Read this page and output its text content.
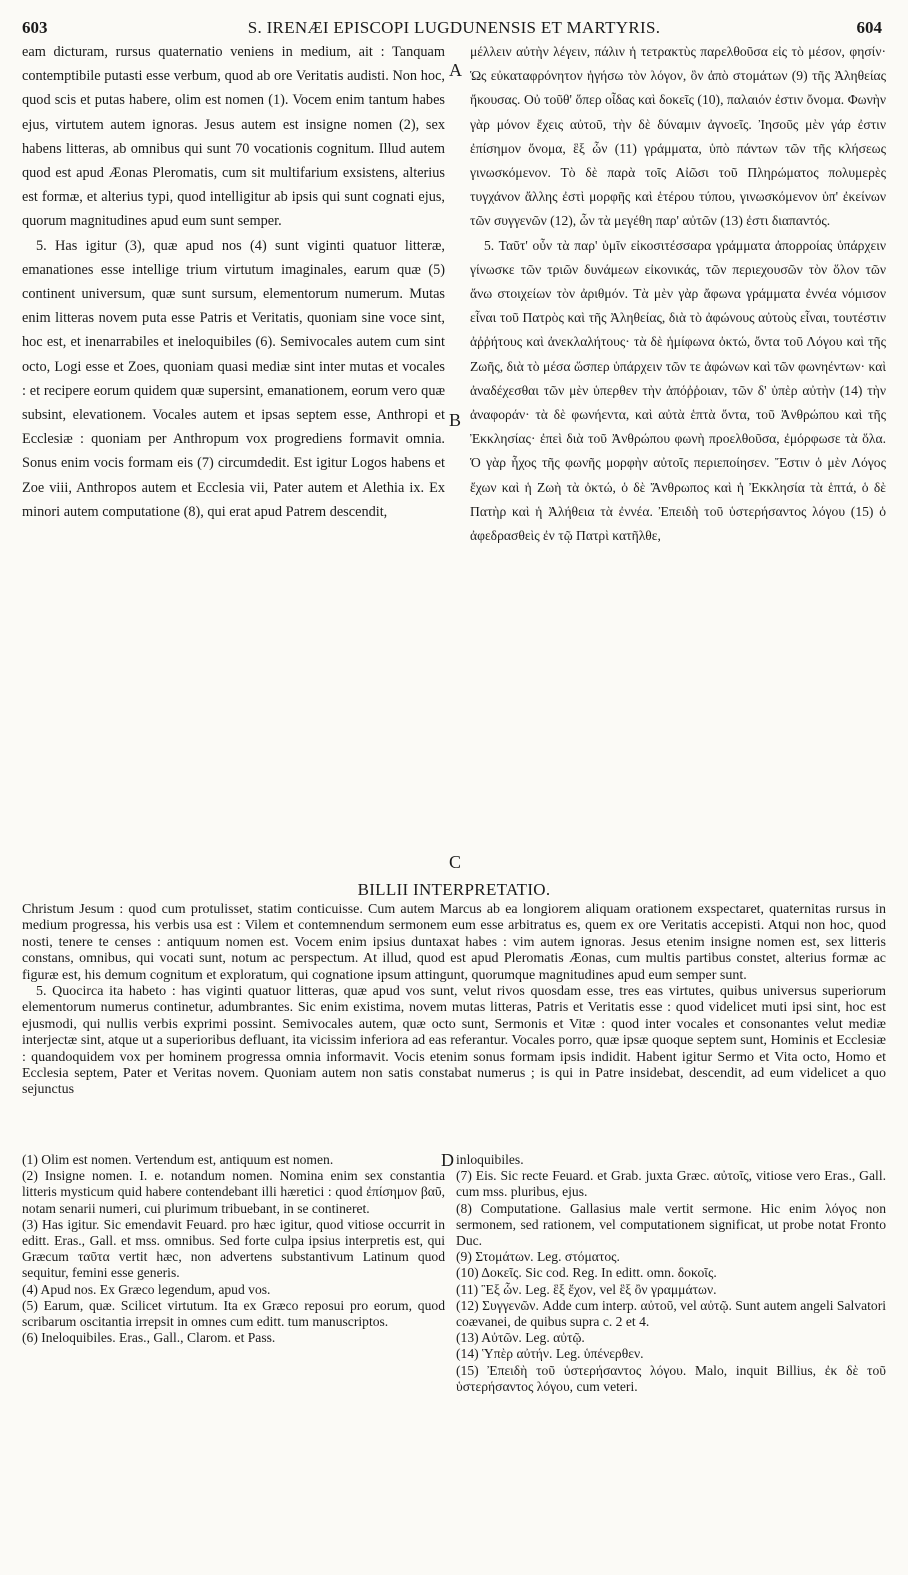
603	S. IRENÆI EPISCOPI LUGDUNENSIS ET MARTYRIS.	604

eam dicturam, rursus quaternatio veniens in medium, ait : Tanquam contemptibile putasti esse verbum, quod ab ore Veritatis audisti. Non hoc, quod scis et putas habere, olim est nomen (1). Vocem enim tantum habes ejus, virtutem autem ignoras. Jesus autem est insigne nomen (2), sex habens litteras, ab omnibus qui sunt 70 vocationis cognitum. Illud autem quod est apud Æonas Pleromatis, cum sit multifarium exsistens, alterius est formæ, et alterius typi, quod intelligitur ab ipsis qui sunt cognati ejus, quorum magnitudines apud eum sunt semper.

5. Has igitur (3), quæ apud nos (4) sunt viginti quatuor litteræ, emanationes esse intellige trium virtutum imaginales, earum quæ (5) continent universum, quæ sunt sursum, elementorum numerum. Mutas enim litteras novem puta esse Patris et Veritatis, quoniam sine voce sint, hoc est, et inenarrabiles et ineloquibiles (6). Semivocales autem cum sint octo, Logi esse et Zoes, quoniam quasi mediæ sint inter mutas et vocales : et recipere eorum quidem quæ supersint, emanationem, eorum vero quæ subsint, elevationem. Vocales autem et ipsas septem esse, Anthropi et Ecclesiæ : quoniam per Anthropum vox progrediens formavit omnia. Sonus enim vocis formam eis (7) circumdedit. Est igitur Logos habens et Zoe viii, Anthropos autem et Ecclesia vii, Pater autem et Alethia ix. Ex minori autem computatione (8), qui erat apud Patrem descendit,

A
B
C

μέλλειν αὐτὴν λέγειν, πάλιν ἡ τετρακτὺς παρελθοῦσα εἰς τὸ μέσον, φησίν· Ὡς εὐκαταφρόνητον ἡγήσω τὸν λόγον, ὃν ἀπὸ στομάτων (9) τῆς Ἀληθείας ἤκουσας. Οὐ τοῦθ' ὅπερ οἶδας καὶ δοκεῖς (10), παλαιόν ἐστιν ὄνομα. Φωνὴν γὰρ μόνον ἔχεις αὐτοῦ, τὴν δὲ δύναμιν ἀγνοεῖς. Ἰησοῦς μὲν γάρ ἐστιν ἐπίσημον ὄνομα, ἓξ ὧν (11) γράμματα, ὑπὸ πάντων τῶν τῆς κλήσεως γινωσκόμενον. Τὸ δὲ παρὰ τοῖς Αἰῶσι τοῦ Πληρώματος πολυμερὲς τυγχάνον ἄλλης ἐστὶ μορφῆς καὶ ἑτέρου τύπου, γινωσκόμενον ὑπ' ἐκείνων τῶν συγγενῶν (12), ὧν τὰ μεγέθη παρ' αὐτῶν (13) ἐστι διαπαντός.

5. Ταῦτ' οὖν τὰ παρ' ὑμῖν εἰκοσιτέσσαρα γράμματα ἀπορροίας ὑπάρχειν γίνωσκε τῶν τριῶν δυνάμεων εἰκονικάς, τῶν περιεχουσῶν τὸν ὅλον τῶν ἄνω στοιχείων τὸν ἀριθμόν. Τὰ μὲν γὰρ ἄφωνα γράμματα ἐννέα νόμισον εἶναι τοῦ Πατρὸς καὶ τῆς Ἀληθείας, διὰ τὸ ἀφώνους αὐτοὺς εἶναι, τουτέστιν ἀῤῥήτους καὶ ἀνεκλαλήτους· τὰ δὲ ἡμίφωνα ὀκτώ, ὄντα τοῦ Λόγου καὶ τῆς Ζωῆς, διὰ τὸ μέσα ὥσπερ ὑπάρχειν τῶν τε ἀφώνων καὶ τῶν φωνηέντων· καὶ ἀναδέχεσθαι τῶν μὲν ὑπερθεν τὴν ἀπόῤῥοιαν, τῶν δ' ὑπὲρ αὐτὴν (14) τὴν ἀναφοράν· τὰ δὲ φωνήεντα, καὶ αὐτὰ ἑπτὰ ὄντα, τοῦ Ἀνθρώπου καὶ τῆς Ἐκκλησίας· ἐπεὶ διὰ τοῦ Ἀνθρώπου φωνὴ προελθοῦσα, ἐμόρφωσε τὰ ὅλα. Ὁ γὰρ ἦχος τῆς φωνῆς μορφὴν αὐτοῖς περιεποίησεν. Ἔστιν ὁ μὲν Λόγος ἔχων καὶ ἡ Ζωὴ τὰ ὀκτώ, ὁ δὲ Ἄνθρωπος καὶ ἡ Ἐκκλησία τὰ ἑπτά, ὁ δὲ Πατὴρ καὶ ἡ Ἀλήθεια τὰ ἐννέα. Ἐπειδὴ τοῦ ὑστερήσαντος λόγου (15) ὁ ἀφεδρασθεὶς ἐν τῷ Πατρὶ κατῆλθε,

BILLII INTERPRETATIO.

Christum Jesum : quod cum protulisset, statim conticuisse. Cum autem Marcus ab ea longiorem aliquam orationem exspectaret, quaternitas rursus in medium progressa, his verbis usa est : Vilem et contemnendum sermonem eum esse arbitratus es, quem ex ore Veritatis accepisti. Atqui non hoc, quod nosti, tenere te censes : antiquum nomen est. Vocem enim ipsius duntaxat habes : vim autem ignoras. Jesus etenim insigne nomen est, sex litteris constans, omnibus, qui vocati sunt, notum ac perspectum. At illud, quod est apud Pleromatis Æonas, cum multis partibus constet, alterius formæ ac figuræ est, his demum cognitum et exploratum, qui cognatione ipsum attingunt, quorumque magnitudines apud eum semper sunt.

5. Quocirca ita habeto : has viginti quatuor litteras, quæ apud vos sunt, velut rivos quosdam esse, tres eas virtutes, quibus universus superiorum elementorum numerus continetur, adumbrantes. Sic enim existima, novem mutas litteras, Patris et Veritatis esse : quod videlicet muti ipsi sint, hoc est ejusmodi, qui nullis verbis exprimi possint. Semivocales autem, quæ octo sunt, Sermonis et Vitæ : quod inter vocales et consonantes velut mediæ interjectæ sint, atque ut a superioribus defluant, ita vicissim inferiora ad eas referantur. Vocales porro, quæ ipsæ quoque septem sunt, Hominis et Ecclesiæ : quandoquidem vox per hominem progressa omnia informavit. Vocis etenim sonus formam ipsis indidit. Habent igitur Sermo et Vita octo, Homo et Ecclesia septem, Pater et Veritas novem. Quoniam autem non satis constabat numerus ; is qui in Patre insidebat, descendit, ad eum videlicet a quo sejunctus

D

(1) Olim est nomen. Vertendum est, antiquum est nomen.

(2) Insigne nomen. I. e. notandum nomen. Nomina enim sex constantia litteris mysticum quid habere contendebant illi hæretici : quod ἐπίσημον βαῦ, notam senarii numeri, cui plurimum tribuebant, in se contineret.

(3) Has igitur. Sic emendavit Feuard. pro hæc igitur, quod vitiose occurrit in editt. Eras., Gall. et mss. omnibus. Sed forte culpa ipsius interpretis est, qui Græcum ταῦτα vertit hæc, non advertens substantivum Latinum quod sequitur, femini esse generis.

(4) Apud nos. Ex Græco legendum, apud vos.

(5) Earum, quæ. Scilicet virtutum. Ita ex Græco reposui pro eorum, quod scribarum oscitantia irrepsit in omnes cum editt. tum manuscriptos.

(6) Ineloquibiles. Eras., Gall., Clarom. et Pass.

inloquibiles.

(7) Eis. Sic recte Feuard. et Grab. juxta Græc. αὐτοῖς, vitiose vero Eras., Gall. cum mss. pluribus, ejus.

(8) Computatione. Gallasius male vertit sermone. Hic enim λόγος non sermonem, sed rationem, vel computationem significat, ut probe notat Fronto Duc.

(9) Στομάτων. Leg. στόματος.

(10) Δοκεῖς. Sic cod. Reg. In editt. omn. δοκοῖς.

(11) Ἓξ ὧν. Leg. ἓξ ἔχον, vel ἓξ ὂν γραμμάτων.

(12) Συγγενῶν. Adde cum interp. αὐτοῦ, vel αὐτῷ. Sunt autem angeli Salvatori coævanei, de quibus supra c. 2 et 4.

(13) Αὐτῶν. Leg. αὐτῷ.

(14) Ὑπὲρ αὐτήν. Leg. ὑπένερθεν.

(15) Ἐπειδὴ τοῦ ὑστερήσαντος λόγου. Malo, inquit Billius, ἐκ δὲ τοῦ ὑστερήσαντος λόγου, cum veteri.
